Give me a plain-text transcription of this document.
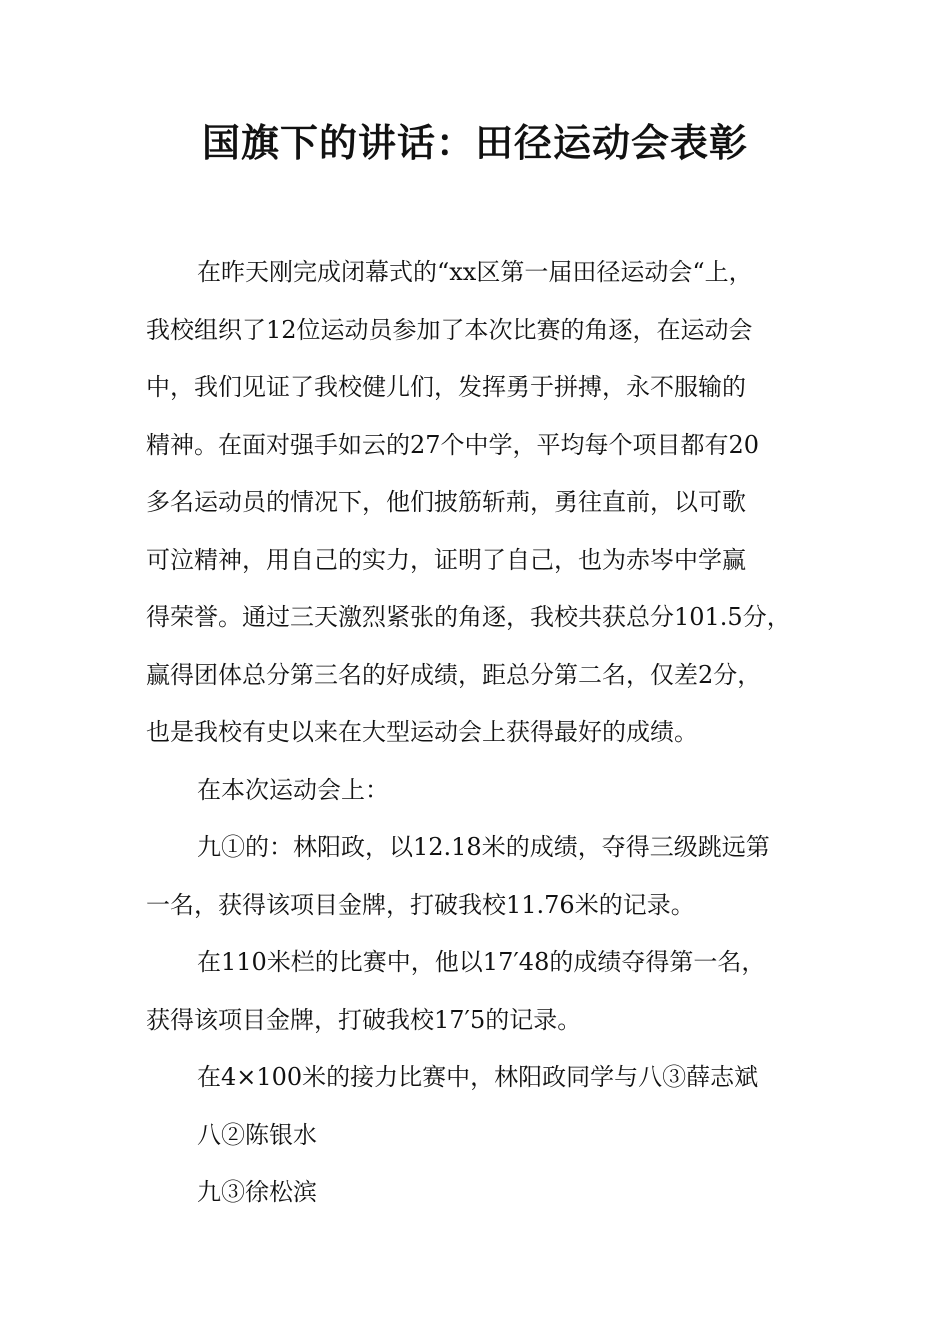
国旗下的讲话：田径运动会表彰
在昨天刚完成闭幕式的“xx区第一届田径运动会“上，
我校组织了12位运动员参加了本次比赛的角逐，在运动会
中，我们见证了我校健儿们，发挥勇于拼搏，永不服输的
精神。在面对强手如云的27个中学，平均每个项目都有20
多名运动员的情况下，他们披筋斩荊，勇往直前，以可歌
可泣精神，用自己的实力，证明了自己，也为赤岑中学赢
得荣誉。通过三天激烈紧张的角逐，我校共获总分101.5分，
赢得团体总分第三名的好成绩，距总分第二名，仅差2分，
也是我校有史以来在大型运动会上获得最好的成绩。
在本次运动会上：
九①的：林阳政，以12.18米的成绩，夺得三级跳远第
一名，获得该项目金牌，打破我校11.76米的记录。
在110米栏的比赛中，他以17′48的成绩夺得第一名，
获得该项目金牌，打破我校17′5的记录。
在4×100米的接力比赛中，林阳政同学与八③薛志斌
八②陈银水
九③徐松滨
